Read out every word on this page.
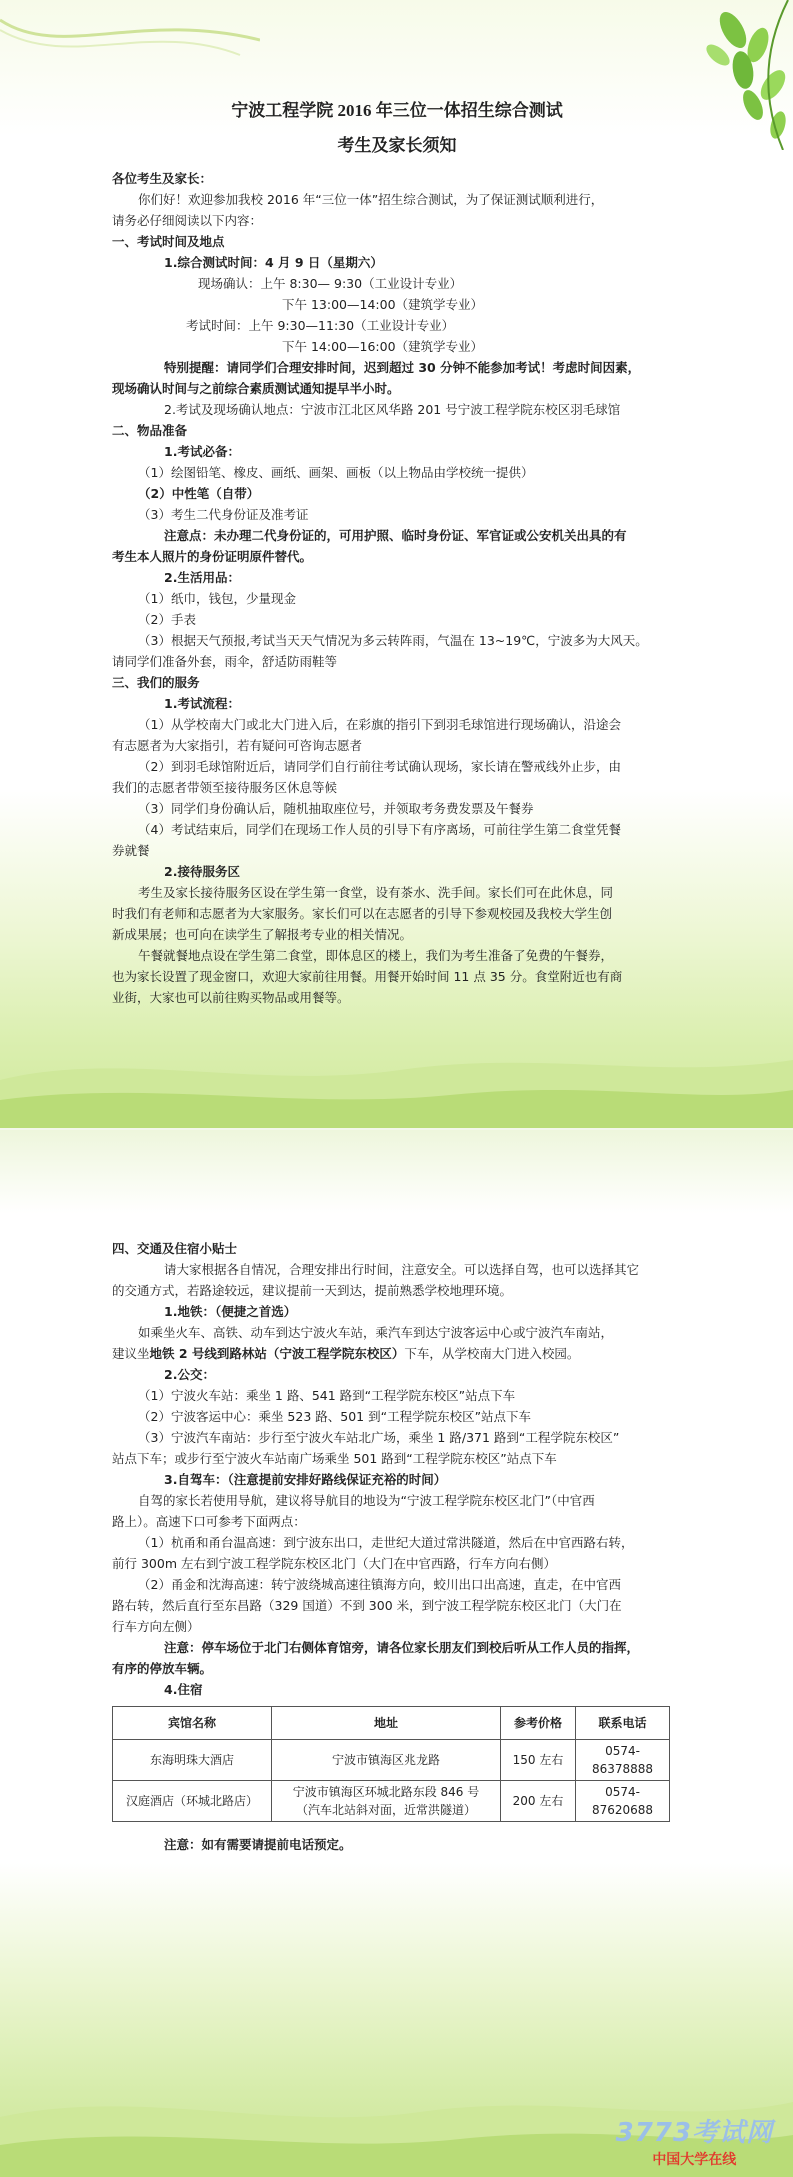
宁波工程学院 2016 年三位一体招生综合测试
考生及家长须知

各位考生及家长：

你们好！欢迎参加我校 2016 年“三位一体”招生综合测试，为了保证测试顺利进行，

请务必仔细阅读以下内容：

一、考试时间及地点

1.综合测试时间：4 月 9 日（星期六）

现场确认：上午 8:30— 9:30（工业设计专业）

下午 13:00—14:00（建筑学专业）

考试时间：上午 9:30—11:30（工业设计专业）

下午 14:00—16:00（建筑学专业）

特别提醒：请同学们合理安排时间，迟到超过 30 分钟不能参加考试！考虑时间因素，

现场确认时间与之前综合素质测试通知提早半小时。

2.考试及现场确认地点：宁波市江北区风华路 201 号宁波工程学院东校区羽毛球馆

二、物品准备

1.考试必备：

（1）绘图铅笔、橡皮、画纸、画架、画板（以上物品由学校统一提供）

（2）中性笔（自带）

（3）考生二代身份证及准考证

注意点：未办理二代身份证的，可用护照、临时身份证、军官证或公安机关出具的有

考生本人照片的身份证明原件替代。

2.生活用品：

（1）纸巾，钱包，少量现金

（2）手表

（3）根据天气预报,考试当天天气情况为多云转阵雨，气温在 13~19℃，宁波多为大风天。

请同学们准备外套，雨伞，舒适防雨鞋等

三、我们的服务

1.考试流程：

（1）从学校南大门或北大门进入后，在彩旗的指引下到羽毛球馆进行现场确认，沿途会

有志愿者为大家指引，若有疑问可咨询志愿者

（2）到羽毛球馆附近后，请同学们自行前往考试确认现场，家长请在警戒线外止步，由

我们的志愿者带领至接待服务区休息等候

（3）同学们身份确认后，随机抽取座位号，并领取考务费发票及午餐券

（4）考试结束后，同学们在现场工作人员的引导下有序离场，可前往学生第二食堂凭餐

券就餐

2.接待服务区

考生及家长接待服务区设在学生第一食堂，设有茶水、洗手间。家长们可在此休息，同

时我们有老师和志愿者为大家服务。家长们可以在志愿者的引导下参观校园及我校大学生创

新成果展；也可向在读学生了解报考专业的相关情况。

午餐就餐地点设在学生第二食堂，即体息区的楼上，我们为考生准备了免费的午餐券，

也为家长设置了现金窗口，欢迎大家前往用餐。用餐开始时间 11 点 35 分。食堂附近也有商

业街，大家也可以前往购买物品或用餐等。

四、交通及住宿小贴士

请大家根据各自情况，合理安排出行时间，注意安全。可以选择自驾，也可以选择其它

的交通方式，若路途较远，建议提前一天到达，提前熟悉学校地理环境。

1.地铁：（便捷之首选）

如乘坐火车、高铁、动车到达宁波火车站，乘汽车到达宁波客运中心或宁波汽车南站，

建议坐地铁 2 号线到路林站（宁波工程学院东校区）下车，从学校南大门进入校园。

2.公交：

（1）宁波火车站：乘坐 1 路、541 路到“工程学院东校区”站点下车

（2）宁波客运中心：乘坐 523 路、501 到“工程学院东校区”站点下车

（3）宁波汽车南站：步行至宁波火车站北广场，乘坐 1 路/371 路到“工程学院东校区”

站点下车；或步行至宁波火车站南广场乘坐 501 路到“工程学院东校区”站点下车

3.自驾车：（注意提前安排好路线保证充裕的时间）

自驾的家长若使用导航，建议将导航目的地设为“宁波工程学院东校区北门”（中官西

路上）。高速下口可参考下面两点：

（1）杭甬和甬台温高速：到宁波东出口，走世纪大道过常洪隧道，然后在中官西路右转，

前行 300m 左右到宁波工程学院东校区北门（大门在中官西路，行车方向右侧）

（2）甬金和沈海高速：转宁波绕城高速往镇海方向，蛟川出口出高速，直走，在中官西

路右转，然后直行至东昌路（329 国道）不到 300 米，到宁波工程学院东校区北门（大门在

行车方向左侧）

注意：停车场位于北门右侧体育馆旁，请各位家长朋友们到校后听从工作人员的指挥，

有序的停放车辆。

4.住宿

宾馆名称	地址	参考价格	联系电话
东海明珠大酒店	宁波市镇海区兆龙路	150 左右	0574-86378888
汉庭酒店（环城北路店）	宁波市镇海区环城北路东段 846 号
（汽车北站斜对面，近常洪隧道）	200 左右	0574-87620688

注意：如有需要请提前电话预定。

3773考试网
中国大学在线
